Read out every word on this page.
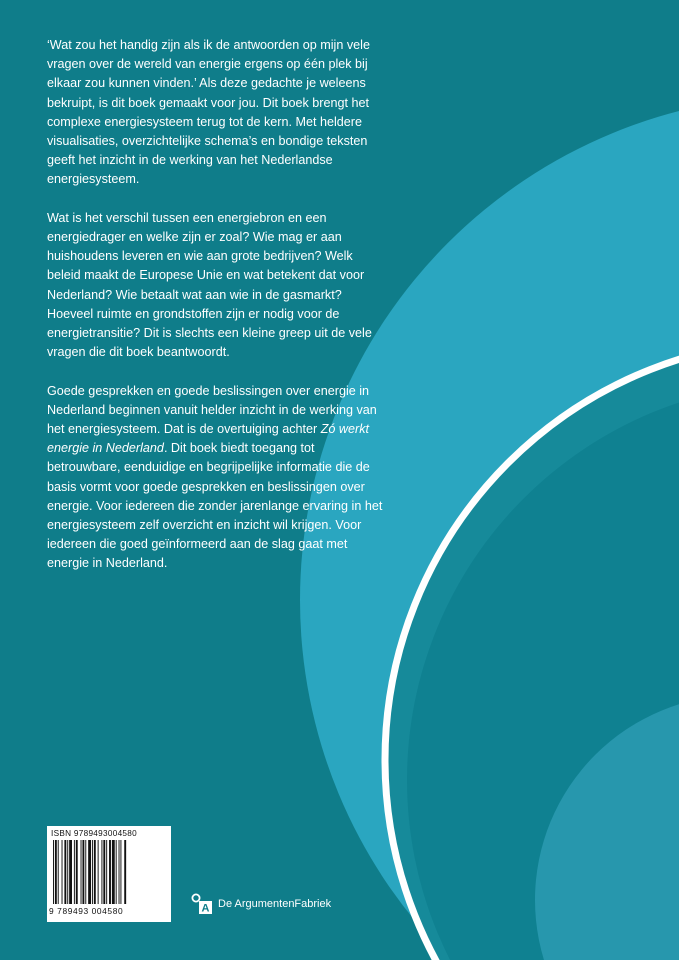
‘Wat zou het handig zijn als ik de antwoorden op mijn vele vragen over de wereld van energie ergens op één plek bij elkaar zou kunnen vinden.’ Als deze gedachte je weleens bekruipt, is dit boek gemaakt voor jou. Dit boek brengt het complexe energiesysteem terug tot de kern. Met heldere visualisaties, overzichtelijke schema’s en bondige teksten geeft het inzicht in de werking van het Nederlandse energiesysteem.

Wat is het verschil tussen een energiebron en een energiedrager en welke zijn er zoal? Wie mag er aan huishoudens leveren en wie aan grote bedrijven? Welk beleid maakt de Europese Unie en wat betekent dat voor Nederland? Wie betaalt wat aan wie in de gasmarkt? Hoeveel ruimte en grondstoffen zijn er nodig voor de energietransitie? Dit is slechts een kleine greep uit de vele vragen die dit boek beantwoordt.

Goede gesprekken en goede beslissingen over energie in Nederland beginnen vanuit helder inzicht in de werking van het energiesysteem. Dat is de overtuiging achter Zó werkt energie in Nederland. Dit boek biedt toegang tot betrouwbare, eenduidige en begrijpelijke informatie die de basis vormt voor goede gesprekken en beslissingen over energie. Voor iedereen die zonder jarenlange ervaring in het energiesysteem zelf overzicht en inzicht wil krijgen. Voor iedereen die goed geïnformeerd aan de slag gaat met energie in Nederland.

ISBN 9789493004580
9 789493 004580	A De ArgumentenFabriek
